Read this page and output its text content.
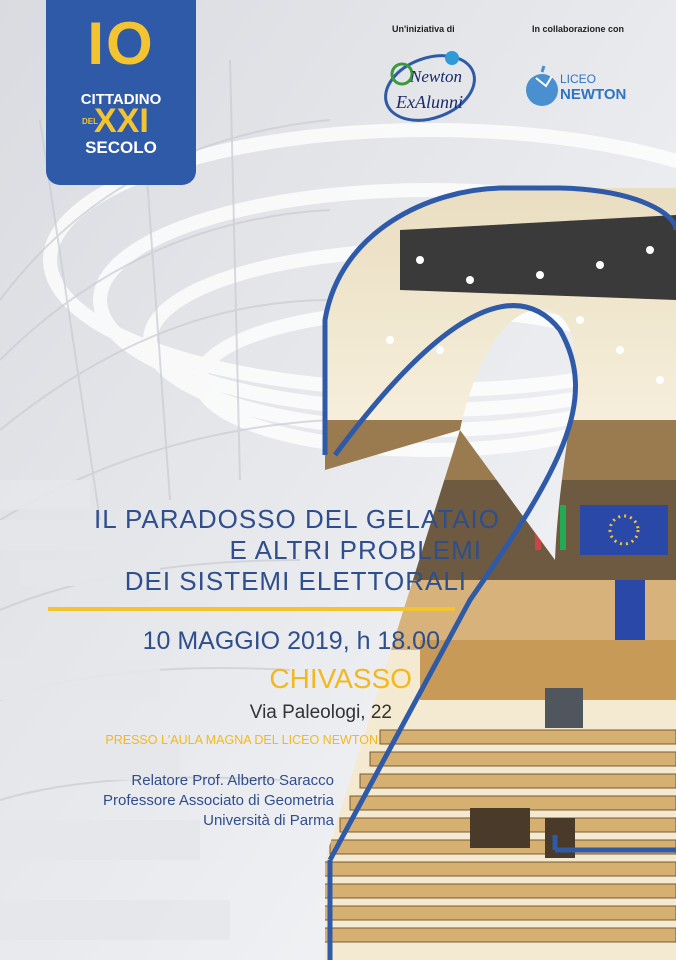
IO
CITTADINO
DEL
XXI
SECOLO
Un'iniziativa di	In collaborazione con
Newton
ExAlunni
LICEO
NEWTON
IL PARADOSSO DEL GELATAIO
E ALTRI PROBLEMI
DEI SISTEMI ELETTORALI
10 MAGGIO 2019, h 18.00
CHIVASSO
Via Paleologi, 22
PRESSO L'AULA MAGNA DEL LICEO NEWTON
Relatore Prof. Alberto Saracco
Professore Associato di Geometria
Università di Parma
